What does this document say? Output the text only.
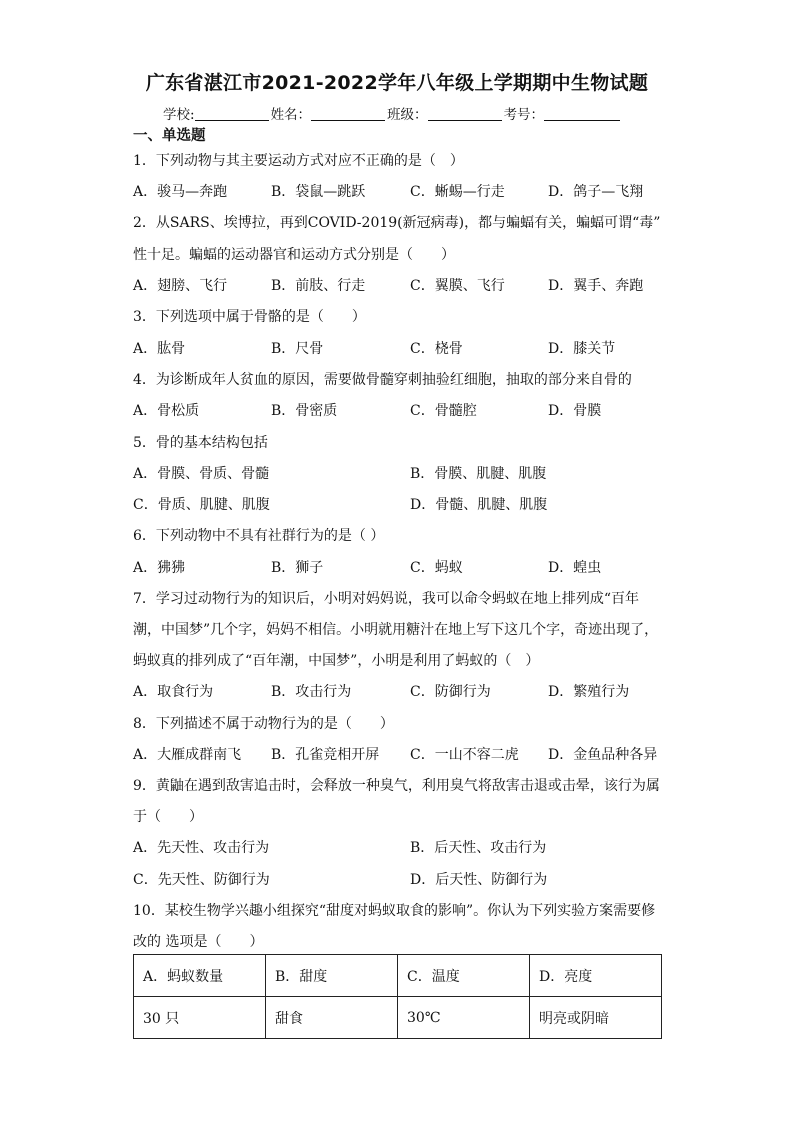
广东省湛江市2021-2022学年八年级上学期期中生物试题
学校:	姓名：	班级：	考号：
一、单选题
1．下列动物与其主要运动方式对应不正确的是（　）
A．骏马—奔跑	B．袋鼠—跳跃	C．蜥蜴—行走	D．鸽子—飞翔
2．从SARS、埃博拉，再到COVID-2019(新冠病毒)，都与蝙蝠有关，蝙蝠可谓“毒”
性十足。蝙蝠的运动器官和运动方式分别是（　　）
A．翅膀、飞行	B．前肢、行走	C．翼膜、飞行	D．翼手、奔跑
3．下列选项中属于骨骼的是（　　）
A．肱骨	B．尺骨	C．桡骨	D．膝关节
4．为诊断成年人贫血的原因，需要做骨髓穿刺抽验红细胞，抽取的部分来自骨的
A．骨松质	B．骨密质	C．骨髓腔	D．骨膜
5．骨的基本结构包括
A．骨膜、骨质、骨髓	B．骨膜、肌腱、肌腹
C．骨质、肌腱、肌腹	D．骨髓、肌腱、肌腹
6．下列动物中不具有社群行为的是（ ）
A．狒狒	B．狮子	C．蚂蚁	D．蝗虫
7．学习过动物行为的知识后，小明对妈妈说，我可以命令蚂蚁在地上排列成“百年
潮，中国梦”几个字，妈妈不相信。小明就用糖汁在地上写下这几个字，奇迹出现了，
蚂蚁真的排列成了“百年潮，中国梦”，小明是利用了蚂蚁的（　）
A．取食行为	B．攻击行为	C．防御行为	D．繁殖行为
8．下列描述不属于动物行为的是（　　）
A．大雁成群南飞 B．孔雀竞相开屏 C．一山不容二虎 D．金鱼品种各异
9．黄鼬在遇到敌害追击时，会释放一种臭气，利用臭气将敌害击退或击晕，该行为属
于（　　）
A．先天性、攻击行为	B．后天性、攻击行为
C．先天性、防御行为	D．后天性、防御行为
10．某校生物学兴趣小组探究“甜度对蚂蚁取食的影响”。你认为下列实验方案需要修
改的 选项是（　　）
A．蚂蚁数量	B．甜度	C．温度	D．亮度
30 只	甜食	30℃	明亮或阴暗
